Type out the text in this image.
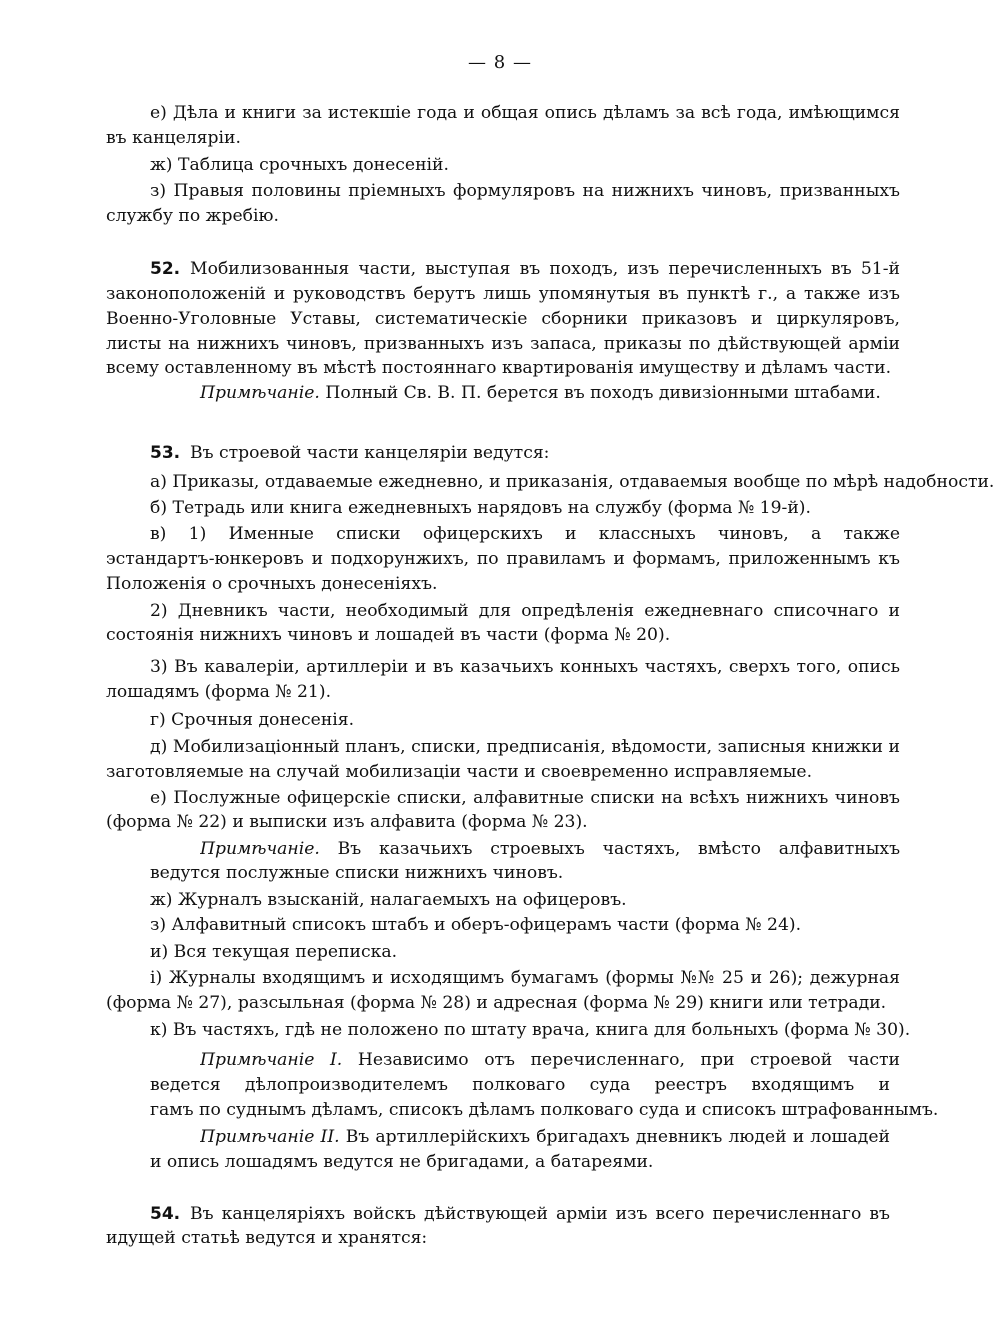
— 8 —
е) Дѣла и книги за истекшіе года и общая опись дѣламъ за всѣ года, имѣющимся
въ канцеляріи.
ж) Таблица срочныхъ донесеній.
з) Правыя половины пріемныхъ формуляровъ на нижнихъ чиновъ, призванныхъ
службу по жребію.
52. Мобилизованныя части, выступая въ походъ, изъ перечисленныхъ въ 51-й
законоположеній и руководствъ берутъ лишь упомянутыя въ пунктѣ г., а также изъ
Военно-Уголовные Уставы, систематическіе сборники приказовъ и циркуляровъ,
листы на нижнихъ чиновъ, призванныхъ изъ запаса, приказы по дѣйствующей арміи
всему оставленному въ мѣстѣ постояннаго квартированія имуществу и дѣламъ части.
Примѣчаніе. Полный Св. В. П. берется въ походъ дивизіонными штабами.
53. Въ строевой части канцеляріи ведутся:
а) Приказы, отдаваемые ежедневно, и приказанія, отдаваемыя вообще по мѣрѣ надобности.
б) Тетрадь или книга ежедневныхъ нарядовъ на службу (форма № 19-й).
в) 1) Именные списки офицерскихъ и классныхъ чиновъ, а также
эстандартъ-юнкеровъ и подхорунжихъ, по правиламъ и формамъ, приложеннымъ къ
Положенія о срочныхъ донесеніяхъ.
2) Дневникъ части, необходимый для опредѣленія ежедневнаго списочнаго и
состоянія нижнихъ чиновъ и лошадей въ части (форма № 20).
3) Въ кавалеріи, артиллеріи и въ казачьихъ конныхъ частяхъ, сверхъ того, опись
лошадямъ (форма № 21).
г) Срочныя донесенія.
д) Мобилизаціонный планъ, списки, предписанія, вѣдомости, записныя книжки и
заготовляемые на случай мобилизаціи части и своевременно исправляемые.
е) Послужные офицерскіе списки, алфавитные списки на всѣхъ нижнихъ чиновъ
(форма № 22) и выписки изъ алфавита (форма № 23).
Примѣчаніе. Въ казачьихъ строевыхъ частяхъ, вмѣсто алфавитныхъ
ведутся послужные списки нижнихъ чиновъ.
ж) Журналъ взысканій, налагаемыхъ на офицеровъ.
з) Алфавитный списокъ штабъ и оберъ-офицерамъ части (форма № 24).
и) Вся текущая переписка.
і) Журналы входящимъ и исходящимъ бумагамъ (формы №№ 25 и 26); дежурная
(форма № 27), разсыльная (форма № 28) и адресная (форма № 29) книги или тетради.
к) Въ частяхъ, гдѣ не положено по штату врача, книга для больныхъ (форма № 30).
Примѣчаніе I. Независимо отъ перечисленнаго, при строевой части
ведется дѣлопроизводителемъ полковаго суда реестръ входящимъ и
гамъ по суднымъ дѣламъ, списокъ дѣламъ полковаго суда и списокъ штрафованнымъ.
Примѣчаніе II. Въ артиллерійскихъ бригадахъ дневникъ людей и лошадей
и опись лошадямъ ведутся не бригадами, а батареями.
54. Въ канцеляріяхъ войскъ дѣйствующей арміи изъ всего перечисленнаго въ
идущей статьѣ ведутся и хранятся:
